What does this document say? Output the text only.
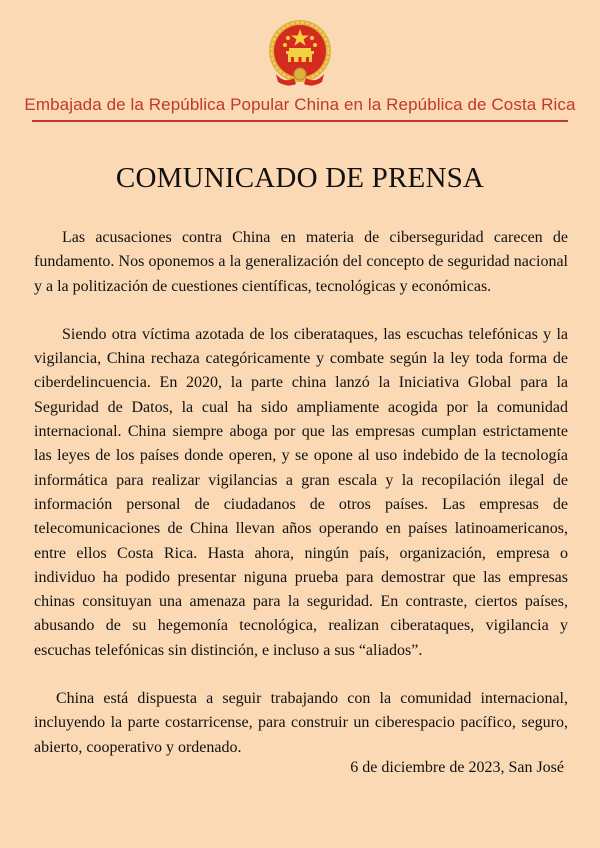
Embajada de la República Popular China en la República de Costa Rica
COMUNICADO DE PRENSA

Las acusaciones contra China en materia de ciberseguridad carecen de fundamento. Nos oponemos a la generalización del concepto de seguridad nacional y a la politización de cuestiones científicas, tecnológicas y económicas.

Siendo otra víctima azotada de los ciberataques, las escuchas telefónicas y la vigilancia, China rechaza categóricamente y combate según la ley toda forma de ciberdelincuencia. En 2020, la parte china lanzó la Iniciativa Global para la Seguridad de Datos, la cual ha sido ampliamente acogida por la comunidad internacional. China siempre aboga por que las empresas cumplan estrictamente las leyes de los países donde operen, y se opone al uso indebido de la tecnología informática para realizar vigilancias a gran escala y la recopilación ilegal de información personal de ciudadanos de otros países. Las empresas de telecomunicaciones de China llevan años operando en países latinoamericanos, entre ellos Costa Rica. Hasta ahora, ningún país, organización, empresa o individuo ha podido presentar niguna prueba para demostrar que las empresas chinas consituyan una amenaza para la seguridad. En contraste, ciertos países, abusando de su hegemonía tecnológica, realizan ciberataques, vigilancia y escuchas telefónicas sin distinción, e incluso a sus “aliados”.

China está dispuesta a seguir trabajando con la comunidad internacional, incluyendo la parte costarricense, para construir un ciberespacio pacífico, seguro, abierto, cooperativo y ordenado.

6 de diciembre de 2023, San José
